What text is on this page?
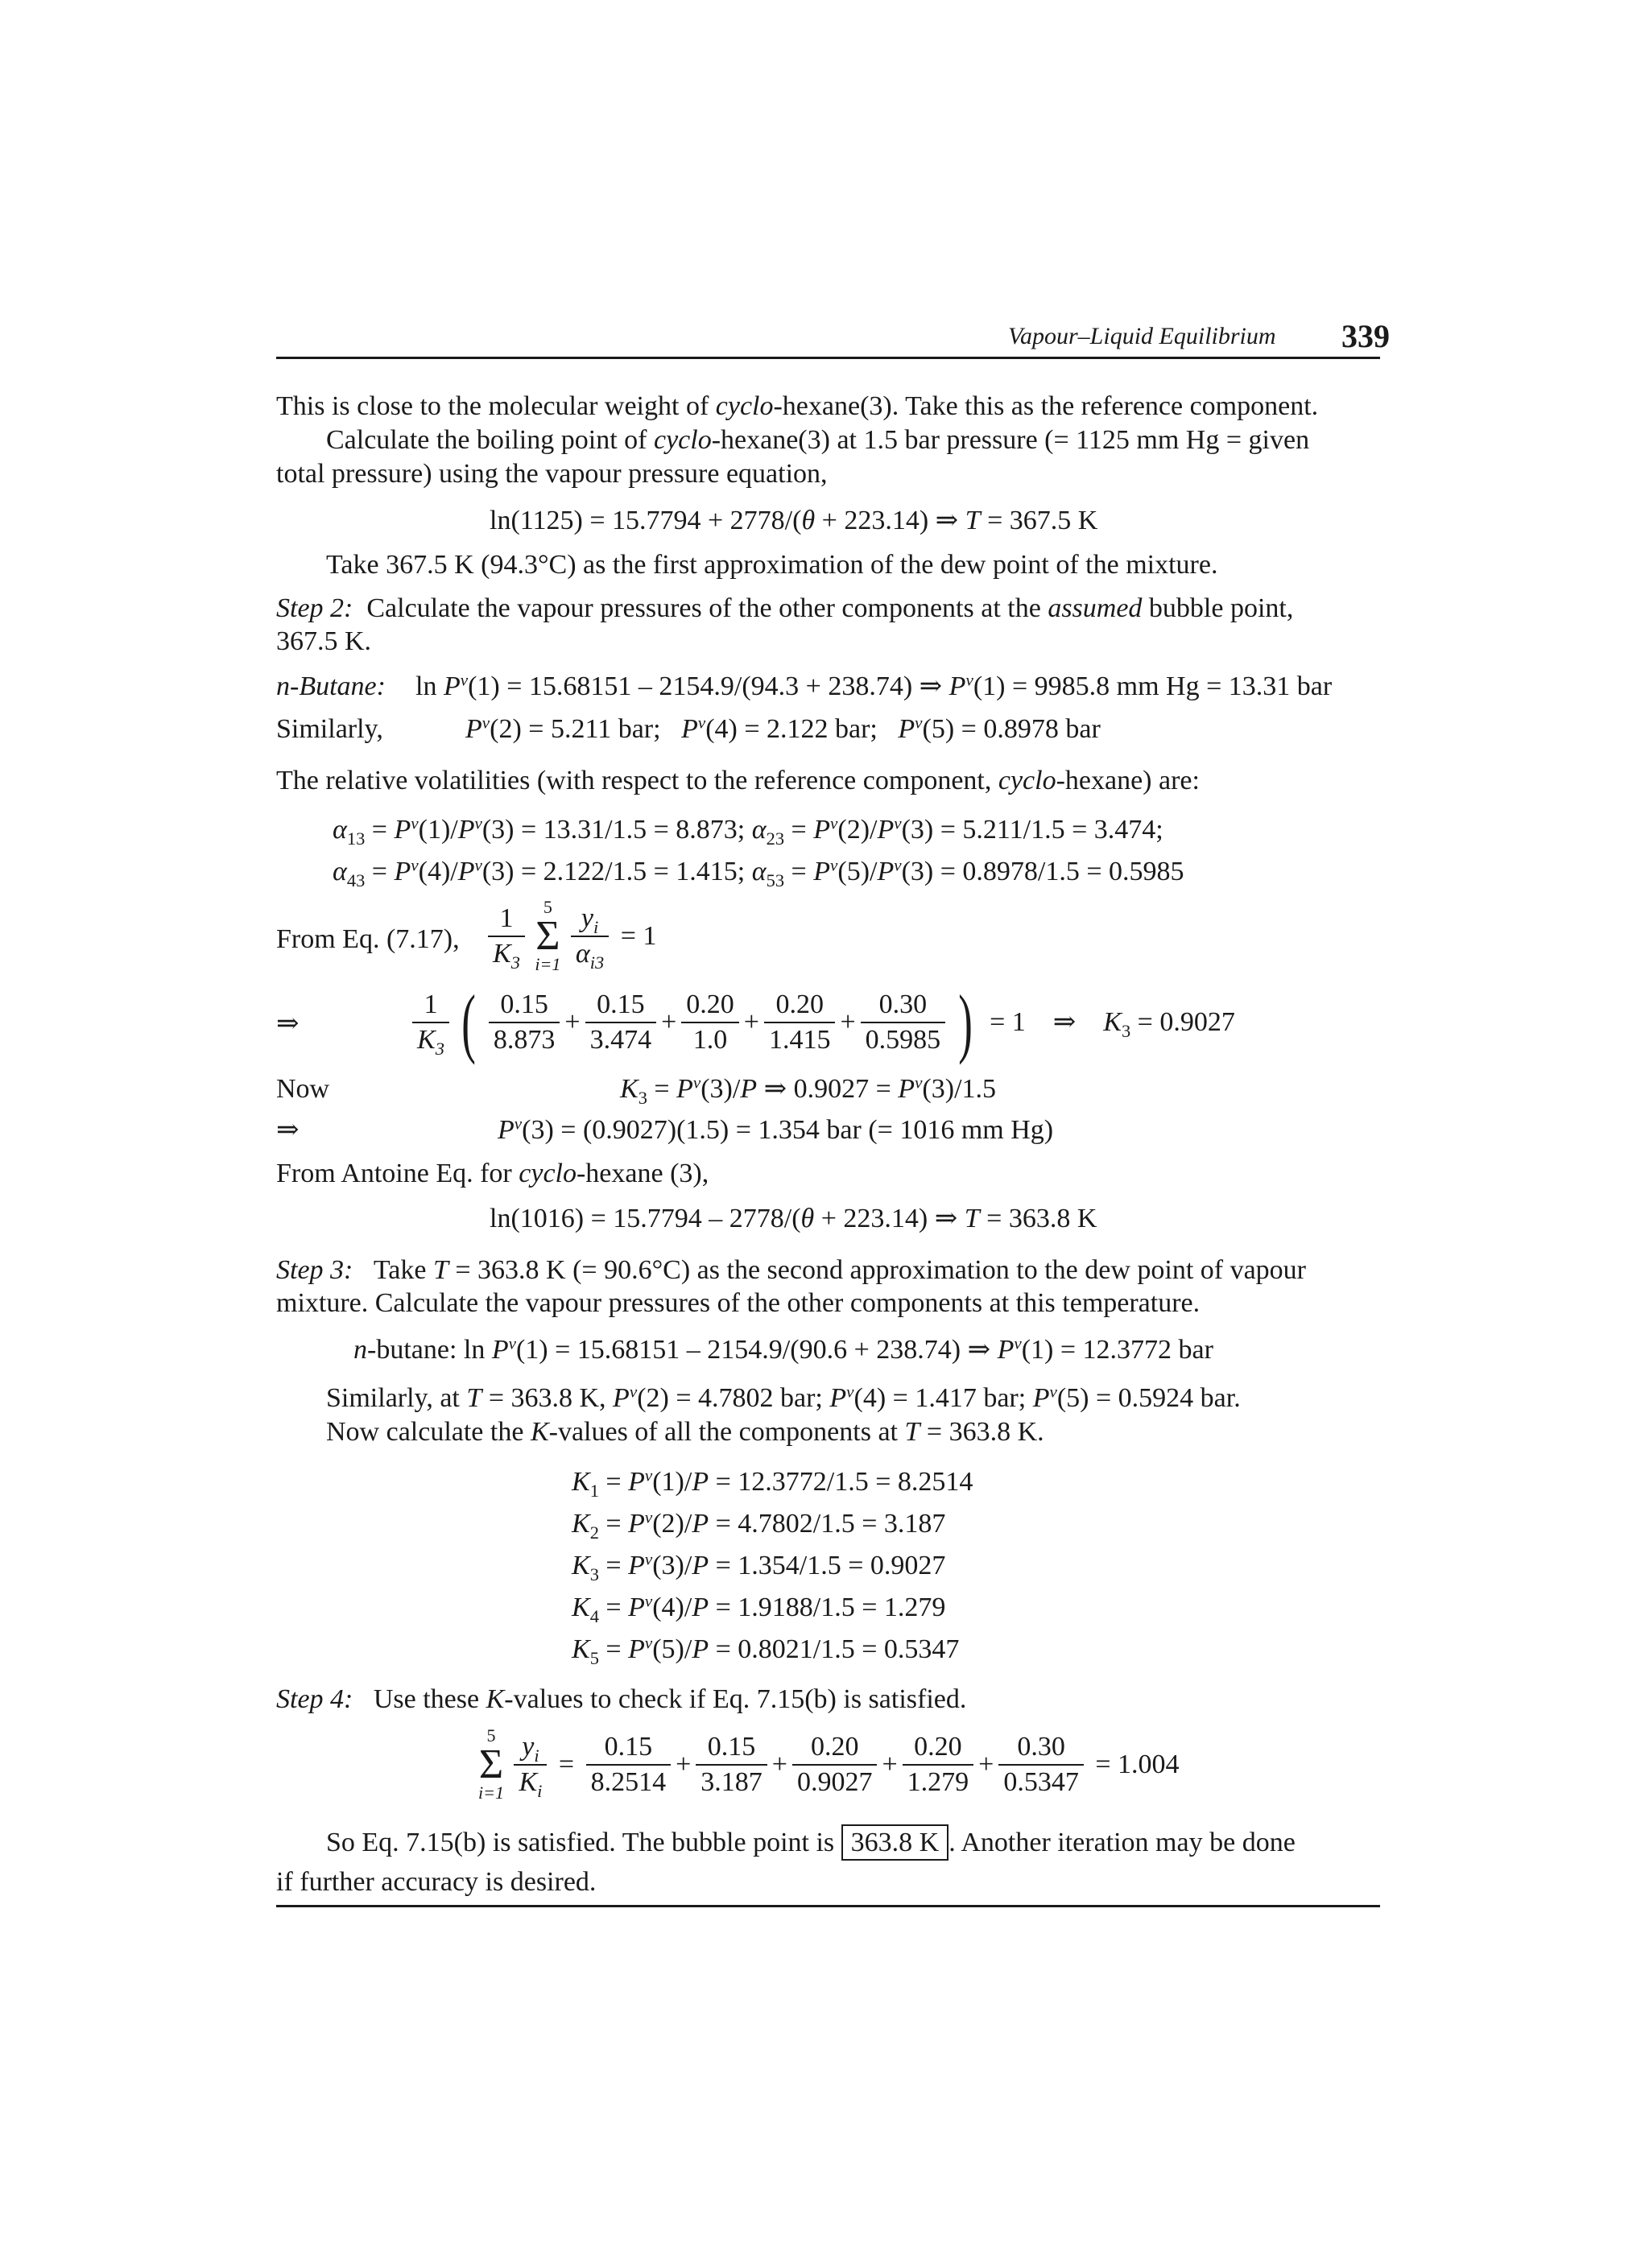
Vapour–Liquid Equilibrium 339
This is close to the molecular weight of cyclo-hexane(3). Take this as the reference component.
Calculate the boiling point of cyclo-hexane(3) at 1.5 bar pressure (= 1125 mm Hg = given
total pressure) using the vapour pressure equation,
ln(1125) = 15.7794 + 2778/(θ + 223.14) ⇒ T = 367.5 K
Take 367.5 K (94.3°C) as the first approximation of the dew point of the mixture.
Step 2: Calculate the vapour pressures of the other components at the assumed bubble point,
367.5 K.
n-Butane: $\ln P^v(1) = 15.68151 - 2154.9/(94.3 + 238.74)$ ⇒ $P^v(1) = 9985.8$ mm Hg = 13.31 bar
Similarly,	$P^v(2) = 5.211$ bar;   $P^v(4) = 2.122$ bar;   $P^v(5) = 0.8978$ bar
The relative volatilities (with respect to the reference component, cyclo-hexane) are:
$\alpha_{13} = P^v(1)/P^v(3) = 13.31/1.5 = 8.873$; $\alpha_{23} = P^v(2)/P^v(3) = 5.211/1.5 = 3.474$;
$\alpha_{43} = P^v(4)/P^v(3) = 2.122/1.5 = 1.415$; $\alpha_{53} = P^v(5)/P^v(3) = 0.8978/1.5 = 0.5985$
From Eq. (7.17), $\frac{1}{K_3}$
	5
Σ
i=1
$\frac{y_i}{\alpha_{i3}} = 1$
⇒	$\frac{1}{K_3}$ ( $\frac{0.15}{8.873} + \frac{0.15}{3.474} + \frac{0.20}{1.0} + \frac{0.20}{1.415} + \frac{0.30}{0.5985}$ ) = 1    ⇒    $K_3 = 0.9027$
Now	$K_3 = P^v(3)/P$ ⇒ $0.9027 = P^v(3)/1.5$
⇒	$P^v(3) = (0.9027)(1.5) = 1.354$ bar (= 1016 mm Hg)
From Antoine Eq. for cyclo-hexane (3),
ln(1016) = 15.7794 – 2778/(θ + 223.14) ⇒ T = 363.8 K
Step 3:   Take T = 363.8 K (= 90.6°C) as the second approximation to the dew point of vapour
mixture. Calculate the vapour pressures of the other components at this temperature.
n-butane: $\ln P^v(1) = 15.68151 - 2154.9/(90.6 + 238.74)$ ⇒ $P^v(1) = 12.3772$ bar
Similarly, at T = 363.8 K, $P^v(2) = 4.7802$ bar; $P^v(4) = 1.417$ bar; $P^v(5) = 0.5924$ bar.
Now calculate the K-values of all the components at T = 363.8 K.
$K_1 = P^v(1)/P = 12.3772/1.5 = 8.2514$
$K_2 = P^v(2)/P = 4.7802/1.5 = 3.187$
$K_3 = P^v(3)/P = 1.354/1.5 = 0.9027$
$K_4 = P^v(4)/P = 1.9188/1.5 = 1.279$
$K_5 = P^v(5)/P = 0.8021/1.5 = 0.5347$
Step 4:   Use these K-values to check if Eq. 7.15(b) is satisfied.
5
Σ
i=1
$\frac{y_i}{K_i} = \frac{0.15}{8.2514} + \frac{0.15}{3.187} + \frac{0.20}{0.9027} + \frac{0.20}{1.279} + \frac{0.30}{0.5347} = 1.004$
So Eq. 7.15(b) is satisfied. The bubble point is 363.8 K . Another iteration may be done
if further accuracy is desired.
